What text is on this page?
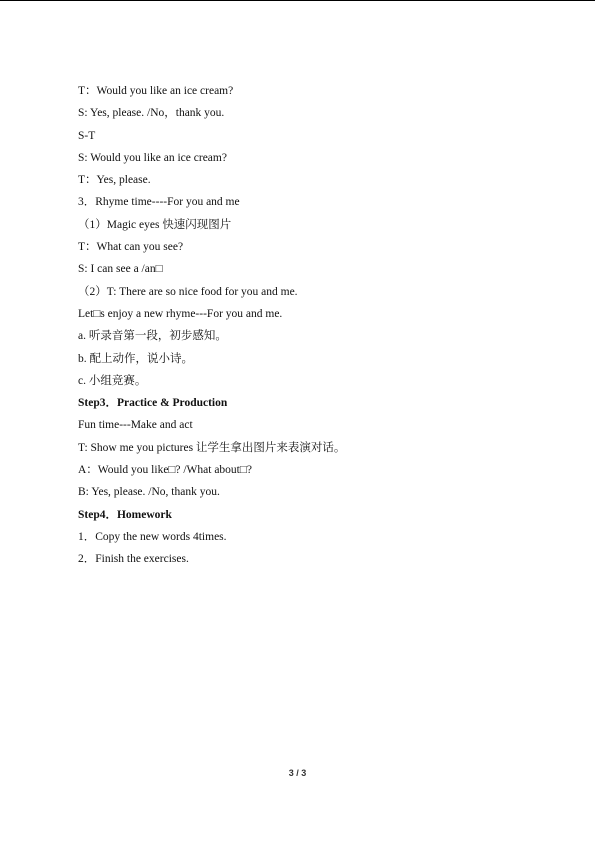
T：Would you like an ice cream?
S: Yes, please. /No，thank you.
S-T
S: Would you like an ice cream?
T：Yes, please.
3．Rhyme time----For you and me
（1）Magic eyes 快速闪现图片
T：What can you see?
S: I can see a /an□
（2）T: There are so nice food for you and me.
Let□s enjoy a new rhyme---For you and me.
a. 听录音第一段，初步感知。
b. 配上动作，说小诗。
c. 小组竞赛。
Step3．Practice & Production
Fun time---Make and act
T: Show me you pictures 让学生拿出图片来表演对话。
A：Would you like□? /What about□?
B: Yes, please. /No, thank you.
Step4．Homework
1．Copy the new words 4times.
2．Finish the exercises.
3 / 3
